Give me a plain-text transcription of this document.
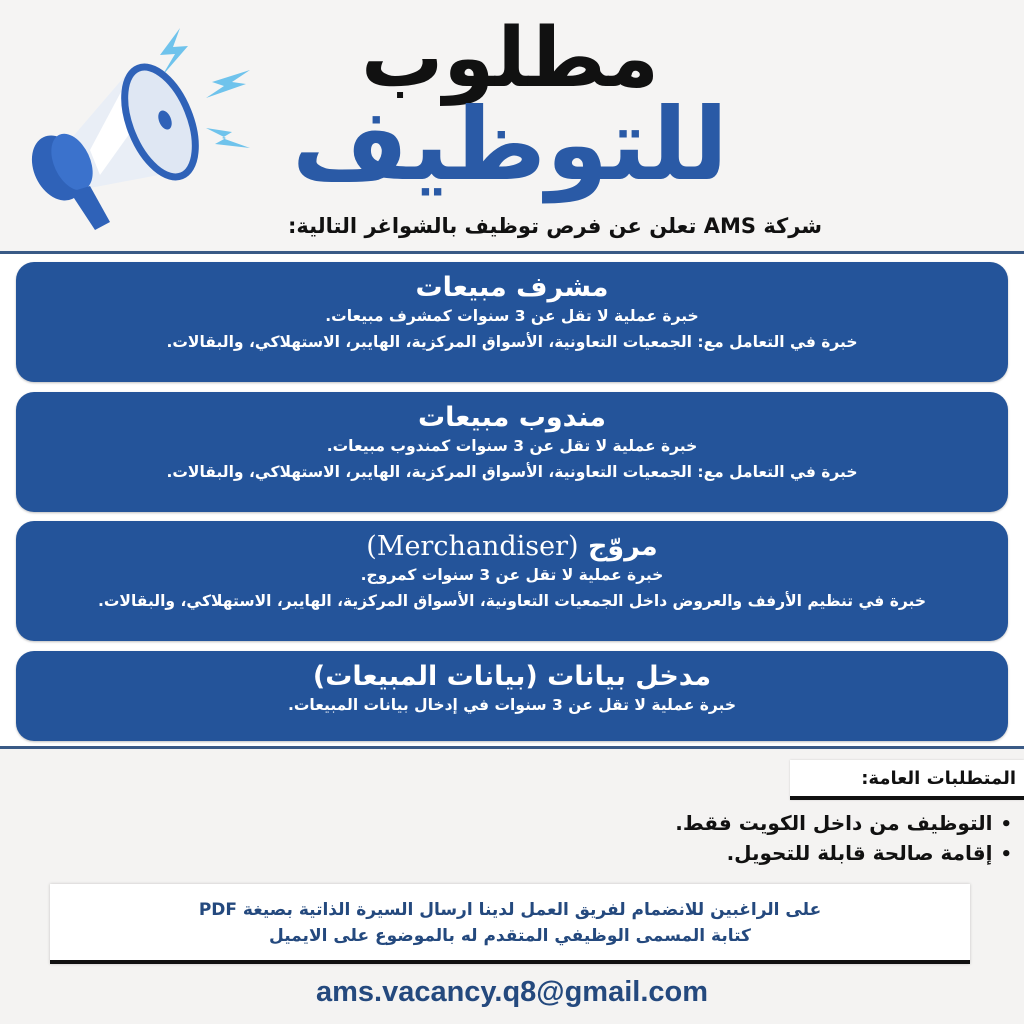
مطلوب
للتوظيف
شركة AMS تعلن عن فرص توظيف بالشواغر التالية:
مشرف مبيعات
خبرة عملية لا تقل عن 3 سنوات كمشرف مبيعات.
خبرة في التعامل مع: الجمعيات التعاونية، الأسواق المركزية، الهايبر، الاستهلاكي، والبقالات.
مندوب مبيعات
خبرة عملية لا تقل عن 3 سنوات كمندوب مبيعات.
خبرة في التعامل مع: الجمعيات التعاونية، الأسواق المركزية، الهايبر، الاستهلاكي، والبقالات.
مروّج (Merchandiser)
خبرة عملية لا تقل عن 3 سنوات كمروج.
خبرة في تنظيم الأرفف والعروض داخل الجمعيات التعاونية، الأسواق المركزية، الهايبر، الاستهلاكي، والبقالات.
مدخل بيانات (بيانات المبيعات)
خبرة عملية لا تقل عن 3 سنوات في إدخال بيانات المبيعات.
المتطلبات العامة:
•التوظيف من داخل الكويت فقط.
•إقامة صالحة قابلة للتحويل.
على الراغبين للانضمام لفريق العمل لدينا ارسال السيرة الذاتية بصيغة PDF
كتابة المسمى الوظيفي المتقدم له بالموضوع على الايميل
ams.vacancy.q8@gmail.com
